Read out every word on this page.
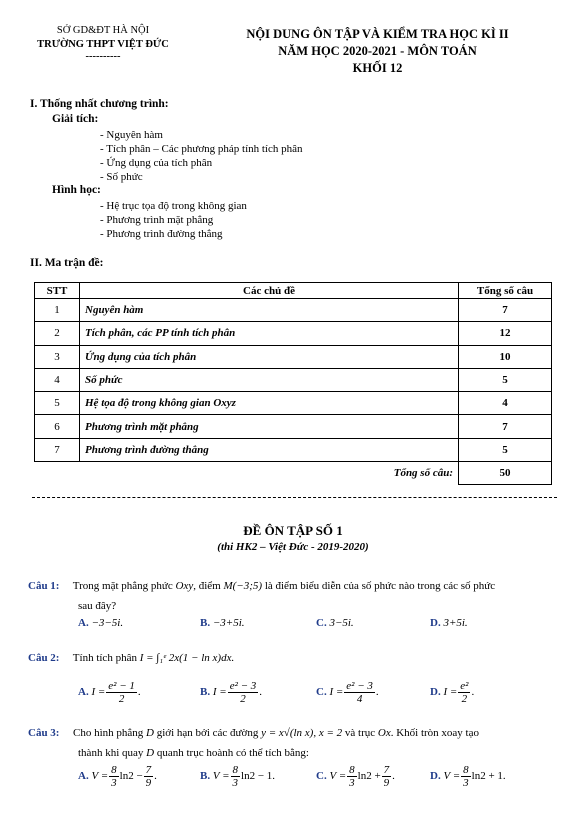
SỞ GD&ĐT HÀ NỘI
TRƯỜNG THPT VIỆT ĐỨC
----------
NỘI DUNG ÔN TẬP VÀ KIỂM TRA HỌC KÌ II
NĂM HỌC 2020-2021 - MÔN TOÁN
KHỐI 12
I. Thống nhất chương trình:
Giải tích:
- Nguyên hàm
- Tích phân – Các phương pháp tính tích phân
- Ứng dụng của tích phân
- Số phức
Hình học:
- Hệ trục tọa độ trong không gian
- Phương trình mặt phẳng
- Phương trình đường thẳng
II. Ma trận đề:
STT	Các chủ đề	Tổng số câu
1	Nguyên hàm	7
2	Tích phân, các PP tính tích phân	12
3	Ứng dụng của tích phân	10
4	Số phức	5
5	Hệ tọa độ trong không gian Oxyz	4
6	Phương trình mặt phẳng	7
7	Phương trình đường thẳng	5
	Tổng số câu:	50
ĐỀ ÔN TẬP SỐ 1
(thi HK2 – Việt Đức - 2019-2020)
Câu 1: Trong mặt phẳng phức Oxy, điểm M(−3;5) là điểm biểu diễn của số phức nào trong các số phức
sau đây?
A. −3−5i.	B. −3+5i.	C. 3−5i.	D. 3+5i.
Câu 2: Tính tích phân I = ∫₁ᵉ 2x(1 − ln x)dx.
A. $I = \frac{\text{e² − 1}}{2}$ .	B. $I = \frac{\text{e² − 3}}{2}$ .	C. $I = \frac{\text{e² − 3}}{4}$ .	D. $I = \frac{\text{e²}}{2}$ .
Câu 3: Cho hình phẳng D giới hạn bởi các đường y = x√(ln x), x = 2 và trục Ox. Khối tròn xoay tạo
thành khi quay D quanh trục hoành có thể tích bằng:
A. $V = \frac{8}{3} \ln 2 - \frac{7}{9}$ .	B. $V = \frac{8}{3} \ln 2 - 1$.	C. $V = \frac{8}{3} \ln 2 + \frac{7}{9}$ .	D. $V = \frac{8}{3} \ln 2 + 1$.
